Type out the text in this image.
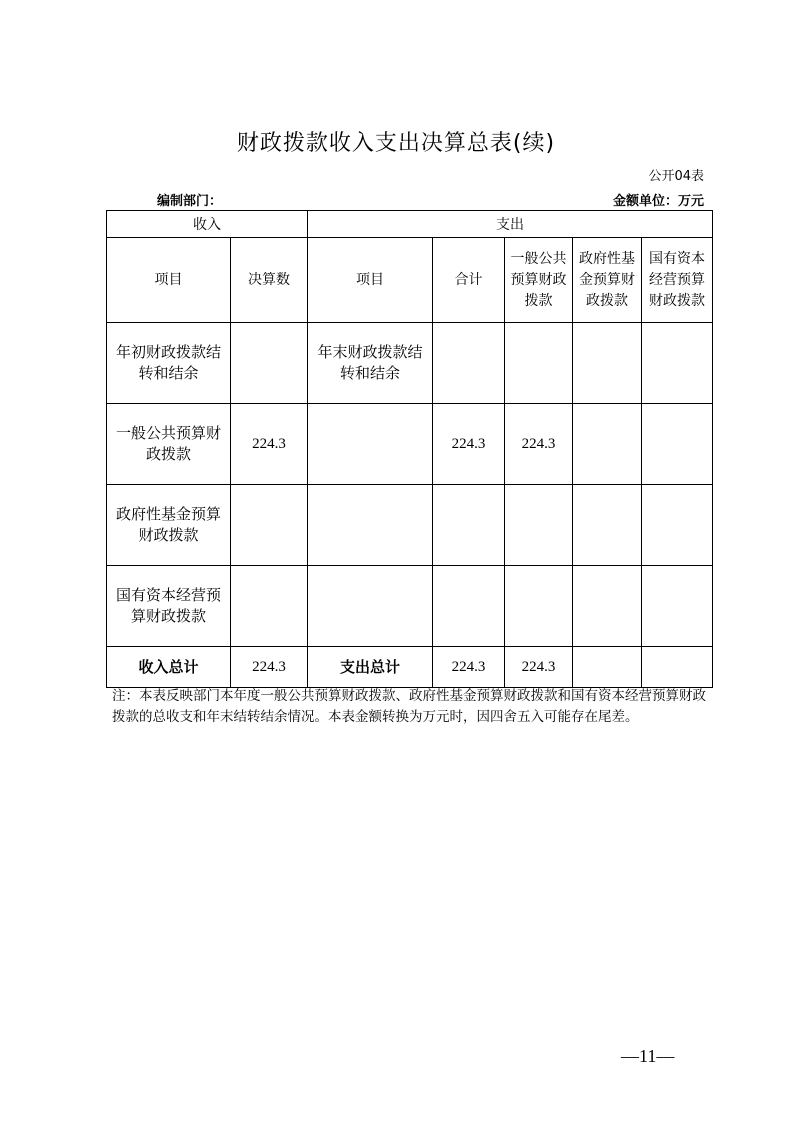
财政拨款收入支出决算总表(续)
公开04表
编制部门：	金额单位：万元
收入		支出				
项目	决算数	项目	合计	一般公共预算财政拨款	政府性基金预算财政拨款	国有资本经营预算财政拨款
年初财政拨款结转和结余		年末财政拨款结转和结余				
一般公共预算财政拨款	224.3		224.3	224.3		
政府性基金预算财政拨款						
国有资本经营预算财政拨款						
收入总计	224.3	支出总计	224.3	224.3		
注：本表反映部门本年度一般公共预算财政拨款、政府性基金预算财政拨款和国有资本经营预算财政拨款的总收支和年末结转结余情况。本表金额转换为万元时，因四舍五入可能存在尾差。
—11—
